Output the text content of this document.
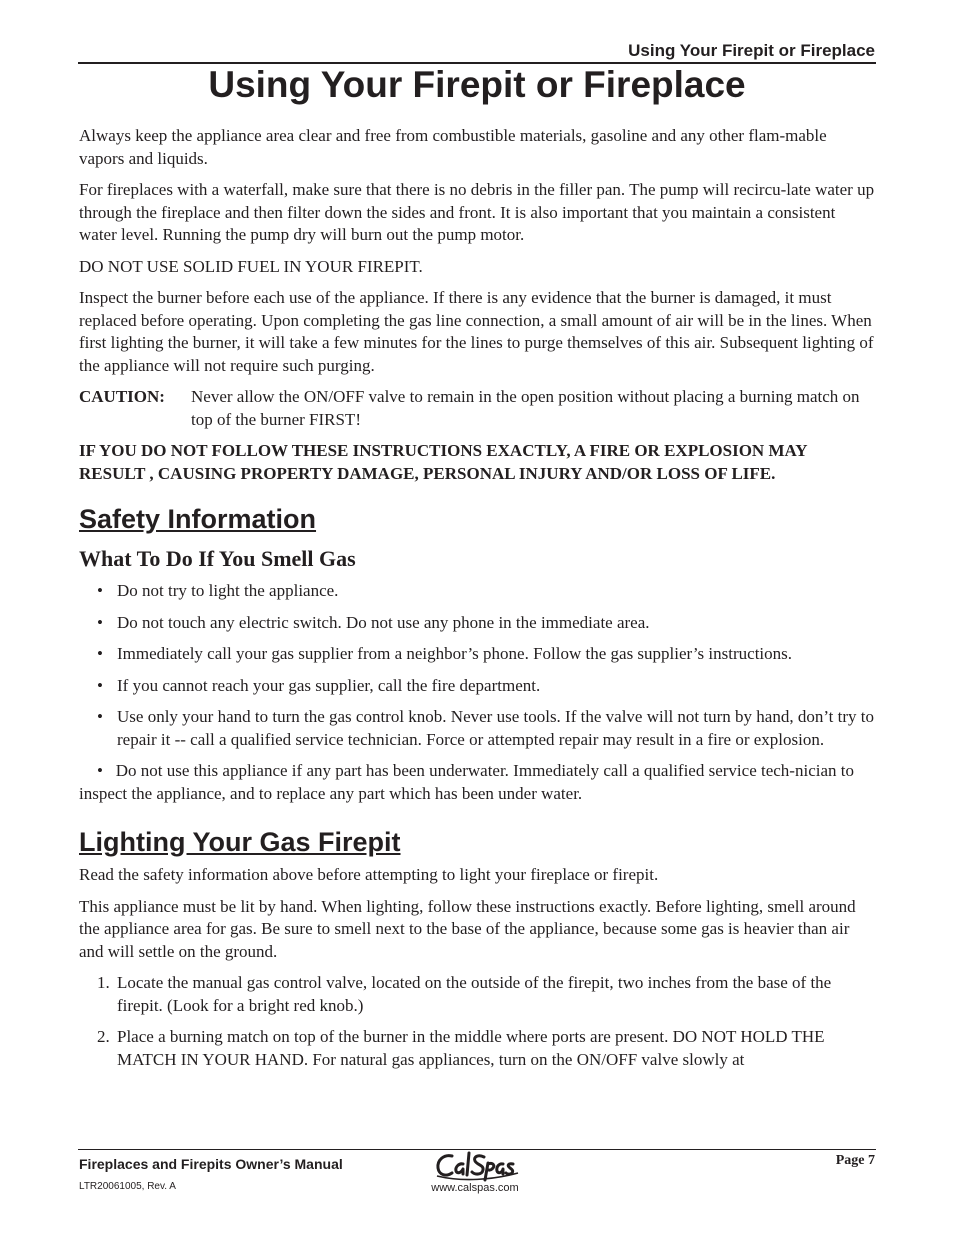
Using Your Firepit or Fireplace
Using Your Firepit or Fireplace

Always keep the appliance area clear and free from combustible materials, gasoline and any other flam-mable vapors and liquids.

For fireplaces with a waterfall, make sure that there is no debris in the filler pan. The pump will recircu-late water up through the fireplace and then filter down the sides and front. It is also important that you maintain a consistent water level. Running the pump dry will burn out the pump motor.

DO NOT USE SOLID FUEL IN YOUR FIREPIT.

Inspect the burner before each use of the appliance. If there is any evidence that the burner is damaged, it must replaced before operating. Upon completing the gas line connection, a small amount of air will be in the lines. When first lighting the burner, it will take a few minutes for the lines to purge themselves of this air. Subsequent lighting of the appliance will not require such purging.

CAUTION:	Never allow the ON/OFF valve to remain in the open position without placing a burning match on top of the burner FIRST!

IF YOU DO NOT FOLLOW THESE INSTRUCTIONS EXACTLY, A FIRE OR EXPLOSION MAY RESULT , CAUSING PROPERTY DAMAGE, PERSONAL INJURY AND/OR LOSS OF LIFE.

Safety Information
What To Do If You Smell Gas
• Do not try to light the appliance.
• Do not touch any electric switch. Do not use any phone in the immediate area.
• Immediately call your gas supplier from a neighbor’s phone. Follow the gas supplier’s instructions.
• If you cannot reach your gas supplier, call the fire department.
• Use only your hand to turn the gas control knob. Never use tools. If the valve will not turn by hand, don’t try to repair it -- call a qualified service technician. Force or attempted repair may result in a fire or explosion.

• Do not use this appliance if any part has been underwater. Immediately call a qualified service tech-nician to inspect the appliance, and to replace any part which has been under water.

Lighting Your Gas Firepit

Read the safety information above before attempting to light your fireplace or firepit.

This appliance must be lit by hand. When lighting, follow these instructions exactly. Before lighting, smell around the appliance area for gas. Be sure to smell next to the base of the appliance, because some gas is heavier than air and will settle on the ground.

1. Locate the manual gas control valve, located on the outside of the firepit, two inches from the base of the firepit. (Look for a bright red knob.)
2. Place a burning match on top of the burner in the middle where ports are present. DO NOT HOLD THE MATCH IN YOUR HAND. For natural gas appliances, turn on the ON/OFF valve slowly at
Fireplaces and Firepits Owner’s Manual
LTR20061005, Rev. A	www.calspas.com
Page 7
